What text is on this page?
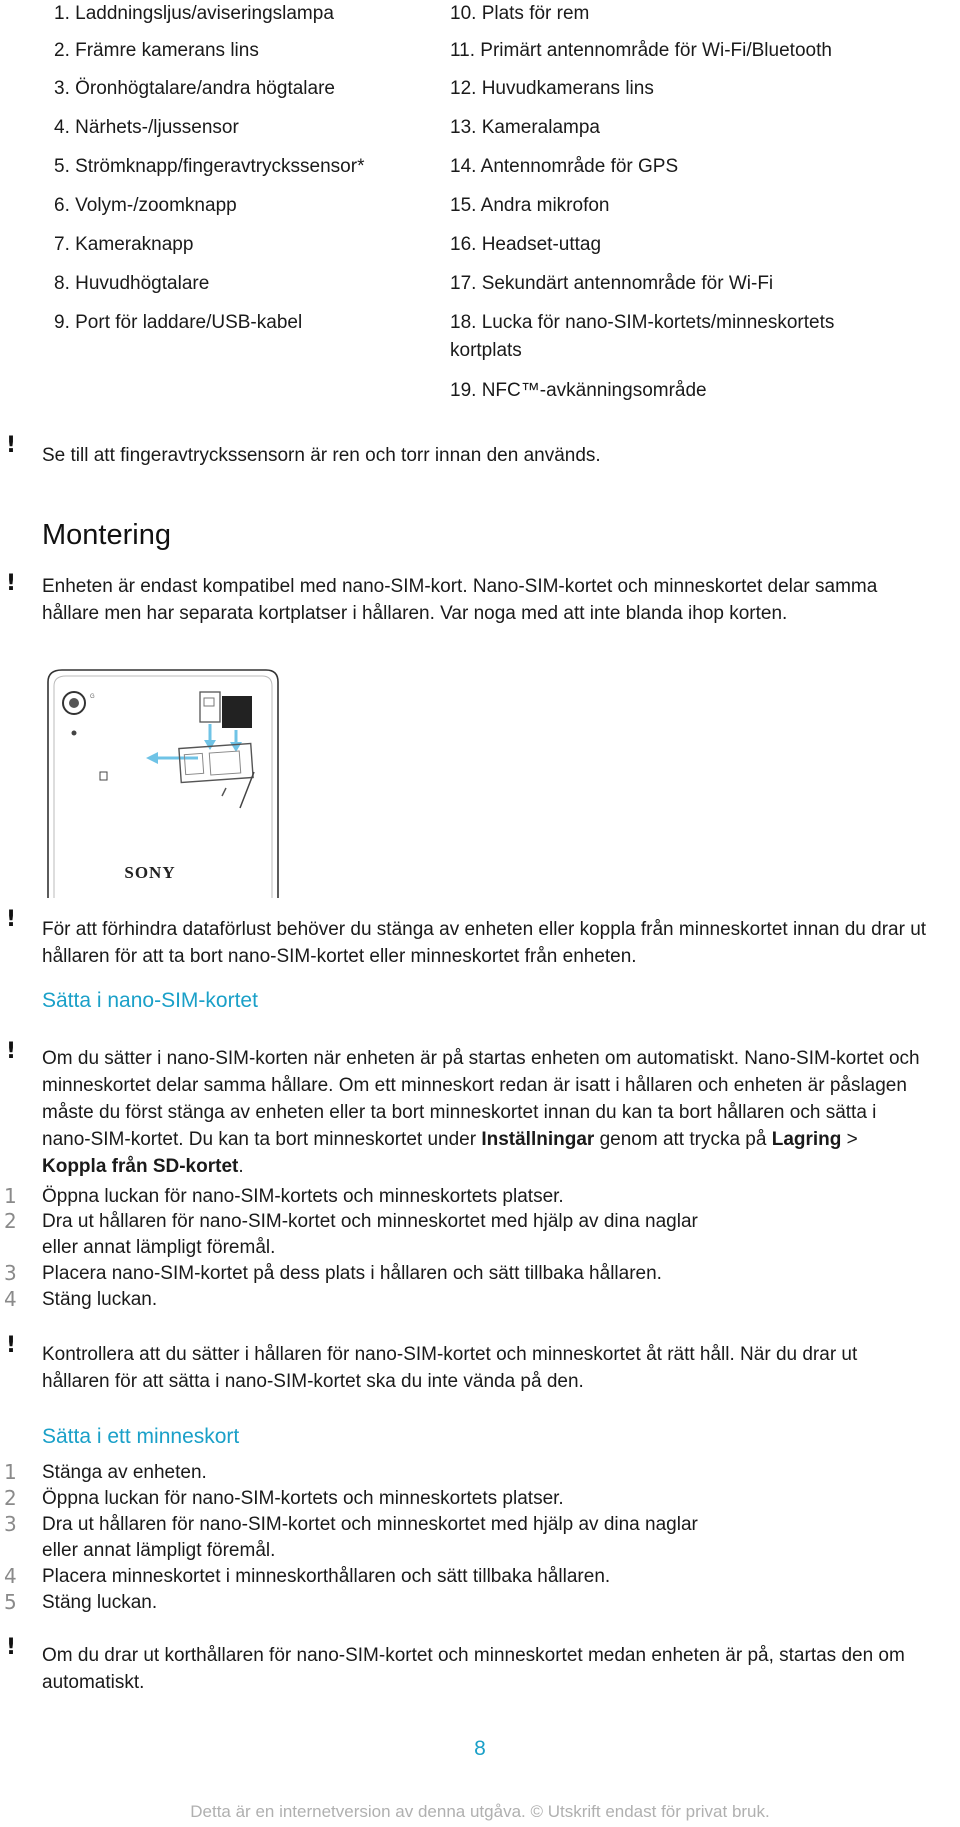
1. Laddningsljus/aviseringslampa
2. Främre kamerans lins
3. Öronhögtalare/andra högtalare
4. Närhets-/ljussensor
5. Strömknapp/fingeravtryckssensor*
6. Volym-/zoomknapp
7. Kameraknapp
8. Huvudhögtalare
9. Port för laddare/USB-kabel
10. Plats för rem
11. Primärt antennområde för Wi-Fi/Bluetooth
12. Huvudkamerans lins
13. Kameralampa
14. Antennområde för GPS
15. Andra mikrofon
16. Headset-uttag
17. Sekundärt antennområde för Wi-Fi
18. Lucka för nano-SIM-kortets/minneskortets
kortplats
19. NFC™-avkänningsområde
! Se till att fingeravtryckssensorn är ren och torr innan den används.
Montering
! Enheten är endast kompatibel med nano-SIM-kort. Nano-SIM-kortet och minneskortet delar samma hållare men har separata kortplatser i hållaren. Var noga med att inte blanda ihop korten.
G
SONY
! För att förhindra dataförlust behöver du stänga av enheten eller koppla från minneskortet innan du drar ut hållaren för att ta bort nano-SIM-kortet eller minneskortet från enheten.
Sätta i nano-SIM-kortet
! Om du sätter i nano-SIM-korten när enheten är på startas enheten om automatiskt. Nano-SIM-kortet och minneskortet delar samma hållare. Om ett minneskort redan är isatt i hållaren och enheten är påslagen måste du först stänga av enheten eller ta bort minneskortet innan du kan ta bort hållaren och sätta i nano-SIM-kortet. Du kan ta bort minneskortet under Inställningar genom att trycka på Lagring > Koppla från SD-kortet.
1	Öppna luckan för nano-SIM-kortets och minneskortets platser.
2	Dra ut hållaren för nano-SIM-kortet och minneskortet med hjälp av dina naglar
eller annat lämpligt föremål.
3	Placera nano-SIM-kortet på dess plats i hållaren och sätt tillbaka hållaren.
4	Stäng luckan.
! Kontrollera att du sätter i hållaren för nano-SIM-kortet och minneskortet åt rätt håll. När du drar ut hållaren för att sätta i nano-SIM-kortet ska du inte vända på den.
Sätta i ett minneskort
1	Stänga av enheten.
2	Öppna luckan för nano-SIM-kortets och minneskortets platser.
3	Dra ut hållaren för nano-SIM-kortet och minneskortet med hjälp av dina naglar
eller annat lämpligt föremål.
4	Placera minneskortet i minneskorthållaren och sätt tillbaka hållaren.
5	Stäng luckan.
! Om du drar ut korthållaren för nano-SIM-kortet och minneskortet medan enheten är på, startas den om automatiskt.
8
Detta är en internetversion av denna utgåva. © Utskrift endast för privat bruk.
